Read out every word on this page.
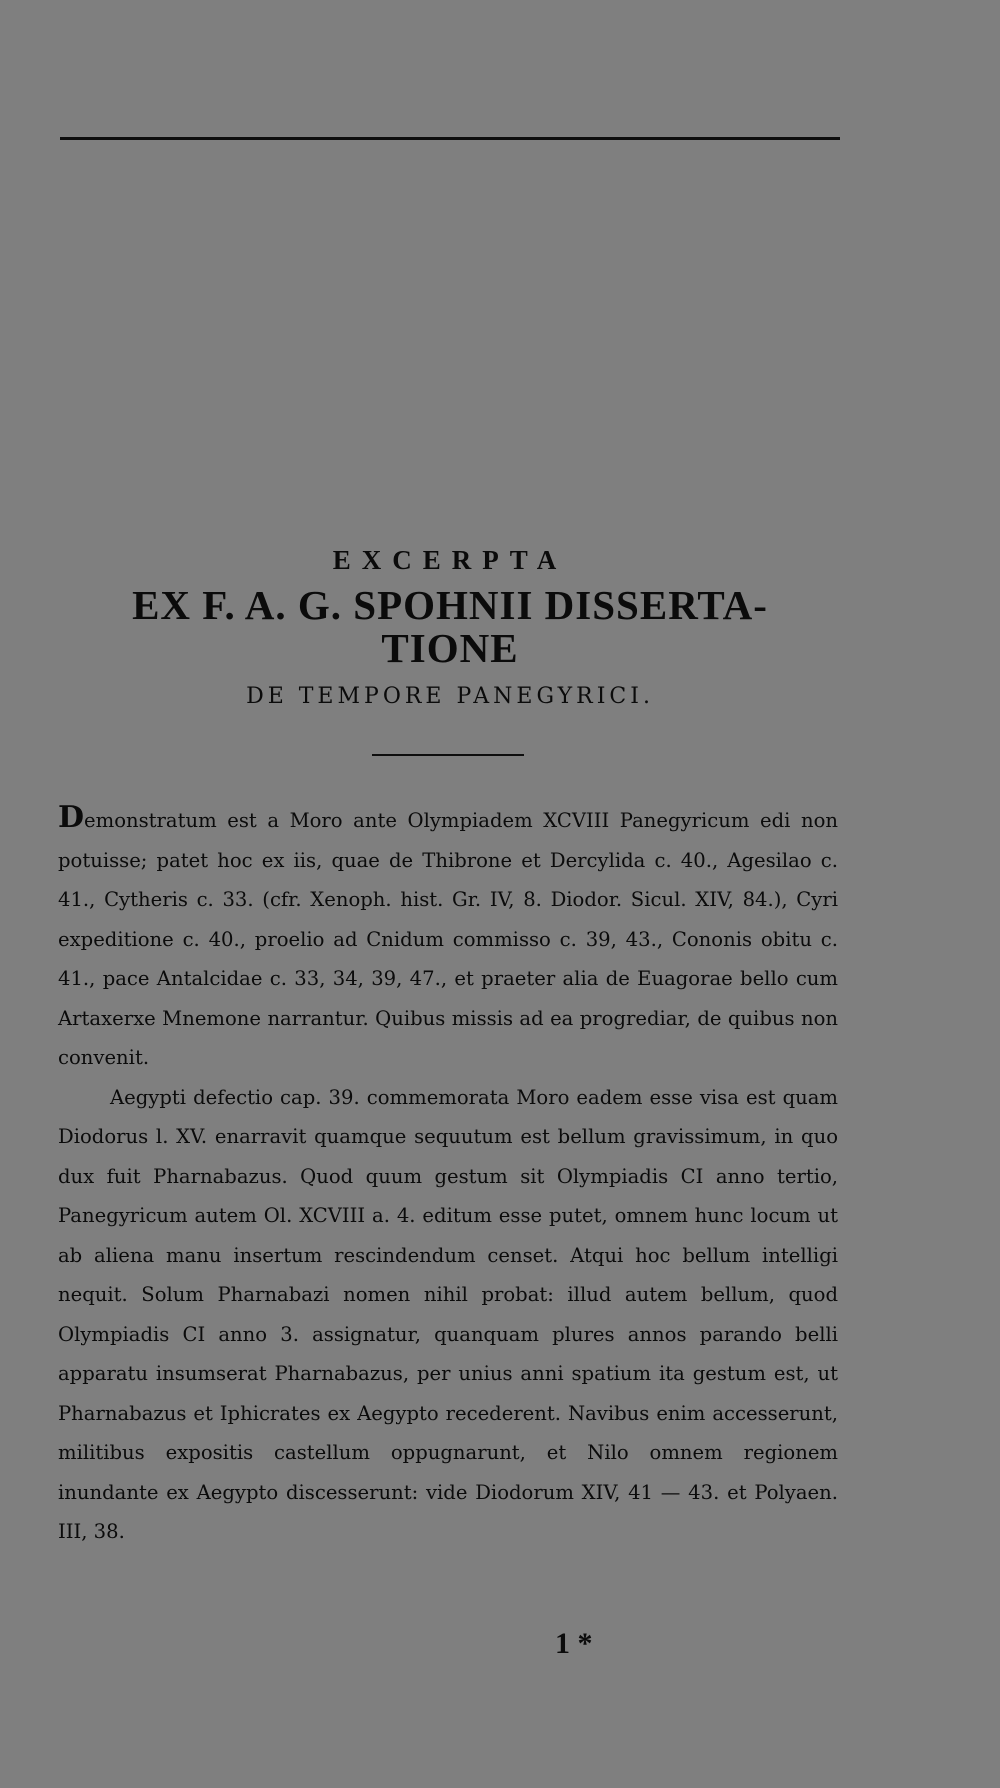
EXCERPTA
EX F. A. G. SPOHNII DISSERTA-
TIONE
DE TEMPORE PANEGYRICI.

Demonstratum est a Moro ante Olympiadem XCVIII Panegyricum edi non potuisse; patet hoc ex iis, quae de Thibrone et Dercylida c. 40., Agesilao c. 41., Cytheris c. 33. (cfr. Xenoph. hist. Gr. IV, 8. Diodor. Sicul. XIV, 84.), Cyri expeditione c. 40., proelio ad Cnidum commisso c. 39, 43., Cononis obitu c. 41., pace Antalcidae c. 33, 34, 39, 47., et praeter alia de Euagorae bello cum Artaxerxe Mnemone narrantur. Quibus missis ad ea progrediar, de quibus non convenit.

Aegypti defectio cap. 39. commemorata Moro eadem esse visa est quam Diodorus l. XV. enarravit quamque sequutum est bellum gravissimum, in quo dux fuit Pharnabazus. Quod quum gestum sit Olympiadis CI anno tertio, Panegyricum autem Ol. XCVIII a. 4. editum esse putet, omnem hunc locum ut ab aliena manu insertum rescindendum censet. Atqui hoc bellum intelligi nequit. Solum Pharnabazi nomen nihil probat: illud autem bellum, quod Olympiadis CI anno 3. assignatur, quanquam plures annos parando belli apparatu insumserat Pharnabazus, per unius anni spatium ita gestum est, ut Pharnabazus et Iphicrates ex Aegypto recederent. Navibus enim accesserunt, militibus expositis castellum oppugnarunt, et Nilo omnem regionem inundante ex Aegypto discesserunt: vide Diodorum XIV, 41 — 43. et Polyaen. III, 38.

1 *
